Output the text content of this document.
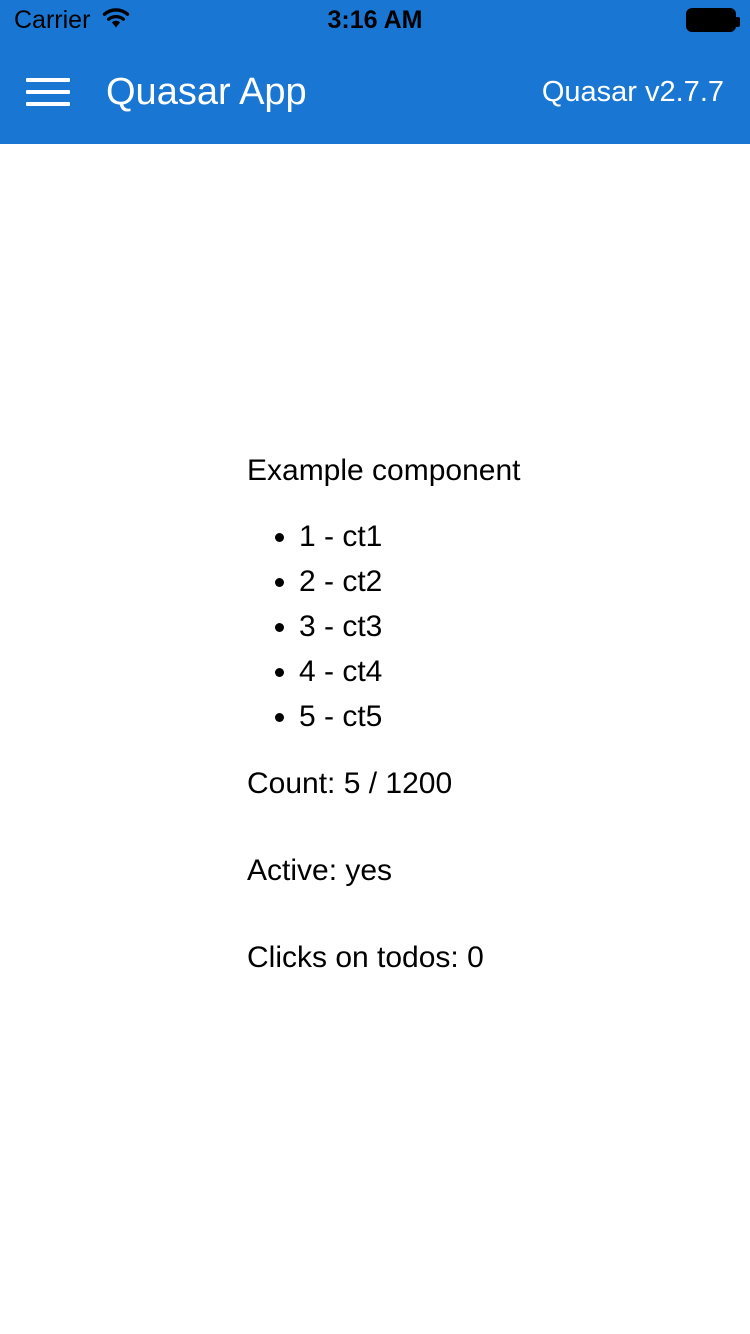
Carrier	3:16 AM
Quasar App	Quasar v2.7.7
Example component
• 1 - ct1
• 2 - ct2
• 3 - ct3
• 4 - ct4
• 5 - ct5
Count: 5 / 1200
Active: yes
Clicks on todos: 0
